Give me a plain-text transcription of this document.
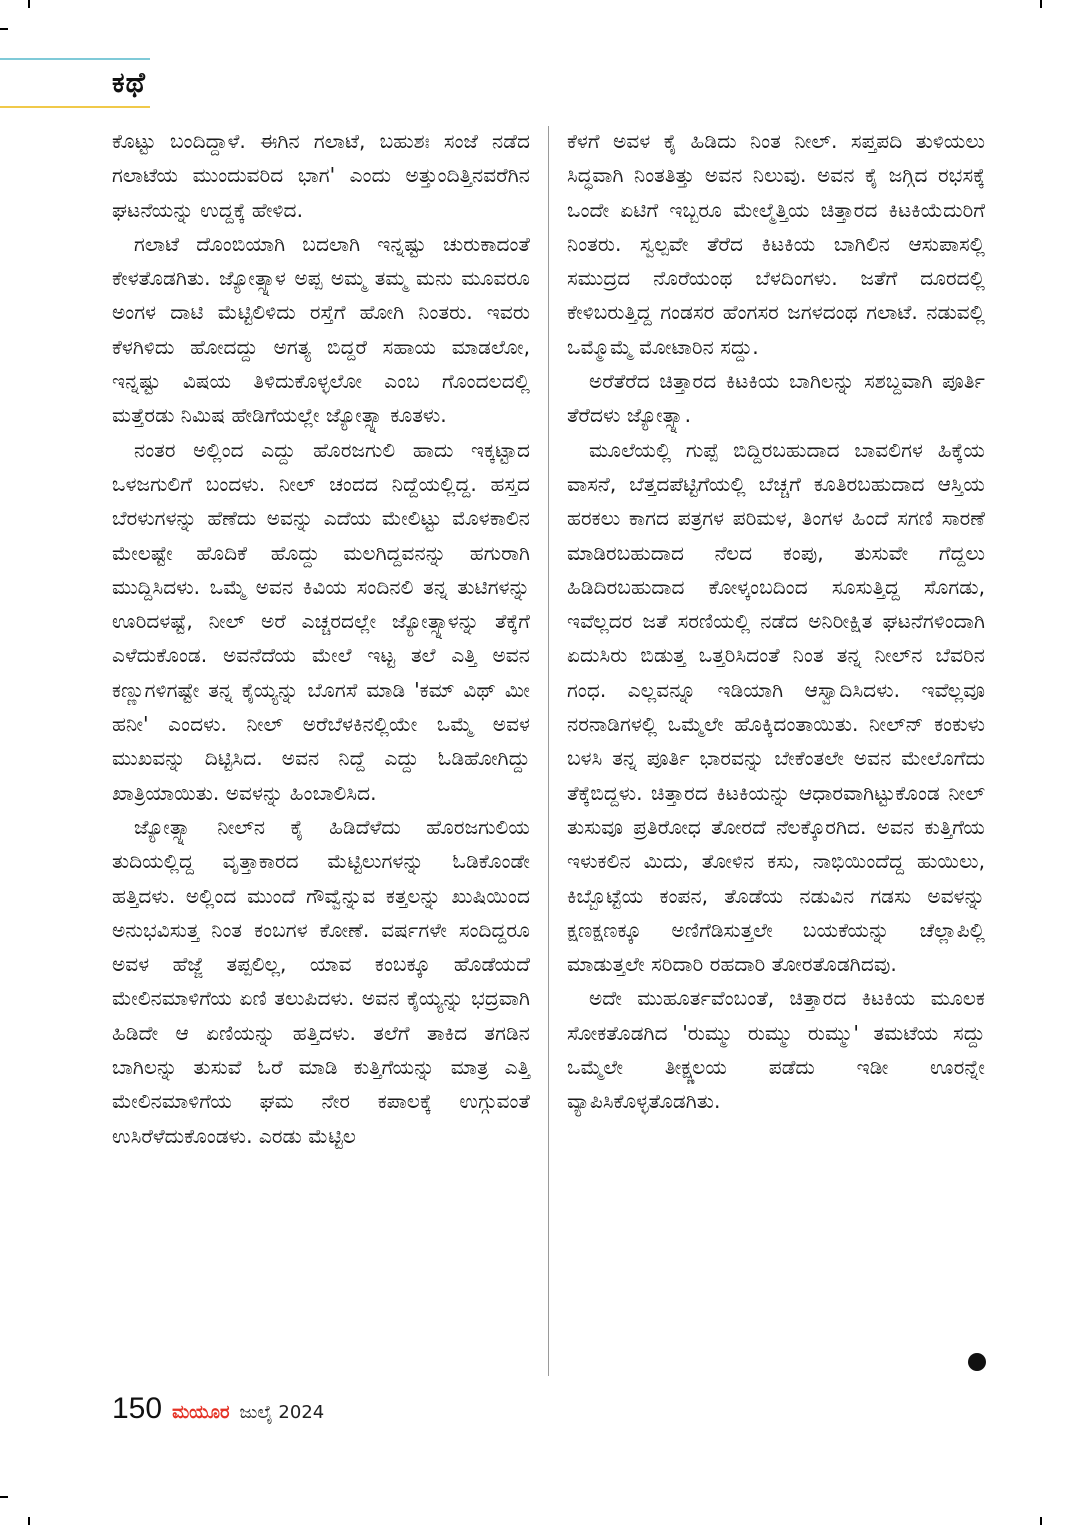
ಕಥೆ

ಕೊಟ್ಟು ಬಂದಿದ್ದಾಳೆ. ಈಗಿನ ಗಲಾಟೆ, ಬಹುಶಃ ಸಂಜೆ ನಡೆದ ಗಲಾಟೆಯ ಮುಂದುವರಿದ ಭಾಗ' ಎಂದು ಅತ್ತುಂದಿತ್ತಿನವರೆಗಿನ ಘಟನೆಯನ್ನು ಉದ್ದಕ್ಕೆ ಹೇಳಿದ.

ಗಲಾಟೆ ದೊಂಬಿಯಾಗಿ ಬದಲಾಗಿ ಇನ್ನಷ್ಟು ಚುರುಕಾದಂತೆ ಕೇಳತೊಡಗಿತು. ಜ್ಯೋತ್ಸ್ನಾಳ ಅಪ್ಪ ಅಮ್ಮ ತಮ್ಮ ಮನು ಮೂವರೂ ಅಂಗಳ ದಾಟಿ ಮೆಟ್ಟಿಲಿಳಿದು ರಸ್ತೆಗೆ ಹೋಗಿ ನಿಂತರು. ಇವರು ಕೆಳಗಿಳಿದು ಹೋದದ್ದು ಅಗತ್ಯ ಬಿದ್ದರೆ ಸಹಾಯ ಮಾಡಲೋ, ಇನ್ನಷ್ಟು ವಿಷಯ ತಿಳಿದುಕೊಳ್ಳಲೋ ಎಂಬ ಗೊಂದಲದಲ್ಲಿ ಮತ್ತೆರಡು ನಿಮಿಷ ಹೇಡಿಗೆಯಲ್ಲೇ ಜ್ಯೋತ್ಸ್ನಾ ಕೂತಳು.

ನಂತರ ಅಲ್ಲಿಂದ ಎದ್ದು ಹೊರಜಗುಲಿ ಹಾದು ಇಕ್ಕಟ್ಟಾದ ಒಳಜಗುಲಿಗೆ ಬಂದಳು. ನೀಲ್ ಚಂದದ ನಿದ್ದೆಯಲ್ಲಿದ್ದ. ಹಸ್ತದ ಬೆರಳುಗಳನ್ನು ಹೆಣೆದು ಅವನ್ನು ಎದೆಯ ಮೇಲಿಟ್ಟು ಮೊಳಕಾಲಿನ ಮೇಲಷ್ಟೇ ಹೊದಿಕೆ ಹೊದ್ದು ಮಲಗಿದ್ದವನನ್ನು ಹಗುರಾಗಿ ಮುದ್ದಿಸಿದಳು. ಒಮ್ಮೆ ಅವನ ಕಿವಿಯ ಸಂದಿನಲಿ ತನ್ನ ತುಟಿಗಳನ್ನು ಊರಿದಳಷ್ಟೆ, ನೀಲ್ ಅರೆ ಎಚ್ಚರದಲ್ಲೇ ಜ್ಯೋತ್ಸ್ನಾಳನ್ನು ತೆಕ್ಕೆಗೆ ಎಳೆದುಕೊಂಡ. ಅವನೆದೆಯ ಮೇಲೆ ಇಟ್ಟ ತಲೆ ಎತ್ತಿ ಅವನ ಕಣ್ಣುಗಳಿಗಷ್ಟೇ ತನ್ನ ಕೈಯ್ಯನ್ನು ಬೊಗಸೆ ಮಾಡಿ 'ಕಮ್ ವಿಥ್ ಮೀ ಹನೀ' ಎಂದಳು. ನೀಲ್ ಅರೆಬೆಳಕಿನಲ್ಲಿಯೇ ಒಮ್ಮೆ ಅವಳ ಮುಖವನ್ನು ದಿಟ್ಟಿಸಿದ. ಅವನ ನಿದ್ದೆ ಎದ್ದು ಓಡಿಹೋಗಿದ್ದು ಖಾತ್ರಿಯಾಯಿತು. ಅವಳನ್ನು ಹಿಂಬಾಲಿಸಿದ.

ಜ್ಯೋತ್ಸ್ನಾ ನೀಲ್‌ನ ಕೈ ಹಿಡಿದೆಳೆದು ಹೊರಜಗುಲಿಯ ತುದಿಯಲ್ಲಿದ್ದ ವೃತ್ತಾಕಾರದ ಮೆಟ್ಟಿಲುಗಳನ್ನು ಓಡಿಕೊಂಡೇ ಹತ್ತಿದಳು. ಅಲ್ಲಿಂದ ಮುಂದೆ ಗೌವ್ವೆನ್ನುವ ಕತ್ತಲನ್ನು ಖುಷಿಯಿಂದ ಅನುಭವಿಸುತ್ತ ನಿಂತ ಕಂಬಗಳ ಕೋಣೆ. ವರ್ಷಗಳೇ ಸಂದಿದ್ದರೂ ಅವಳ ಹೆಜ್ಜೆ ತಪ್ಪಲಿಲ್ಲ, ಯಾವ ಕಂಬಕ್ಕೂ ಹೊಡೆಯದೆ ಮೇಲಿನಮಾಳಿಗೆಯ ಏಣಿ ತಲುಪಿದಳು. ಅವನ ಕೈಯ್ಯನ್ನು ಭದ್ರವಾಗಿ ಹಿಡಿದೇ ಆ ಏಣಿಯನ್ನು ಹತ್ತಿದಳು. ತಲೆಗೆ ತಾಕಿದ ತಗಡಿನ ಬಾಗಿಲನ್ನು ತುಸುವೆ ಓರೆ ಮಾಡಿ ಕುತ್ತಿಗೆಯನ್ನು ಮಾತ್ರ ಎತ್ತಿ ಮೇಲಿನಮಾಳಿಗೆಯ ಘಮ ನೇರ ಕಪಾಲಕ್ಕೆ ಉಗ್ಗುವಂತೆ ಉಸಿರೆಳೆದುಕೊಂಡಳು. ಎರಡು ಮೆಟ್ಟಿಲ

ಕೆಳಗೆ ಅವಳ ಕೈ ಹಿಡಿದು ನಿಂತ ನೀಲ್. ಸಪ್ತಪದಿ ತುಳಿಯಲು ಸಿದ್ಧವಾಗಿ ನಿಂತತಿತ್ತು ಅವನ ನಿಲುವು. ಅವನ ಕೈ ಜಗ್ಗಿದ ರಭಸಕ್ಕೆ ಒಂದೇ ಏಟಿಗೆ ಇಬ್ಬರೂ ಮೇಲ್ಮೆತ್ತಿಯ ಚಿತ್ತಾರದ ಕಿಟಕಿಯೆದುರಿಗೆ ನಿಂತರು. ಸ್ವಲ್ಪವೇ ತೆರೆದ ಕಿಟಕಿಯ ಬಾಗಿಲಿನ ಆಸುಪಾಸಲ್ಲಿ ಸಮುದ್ರದ ನೊರೆಯಂಥ ಬೆಳದಿಂಗಳು. ಜತೆಗೆ ದೂರದಲ್ಲಿ ಕೇಳಿಬರುತ್ತಿದ್ದ ಗಂಡಸರ ಹೆಂಗಸರ ಜಗಳದಂಥ ಗಲಾಟೆ. ನಡುವಲ್ಲಿ ಒಮ್ಮೊಮ್ಮೆ ಮೋಟಾರಿನ ಸದ್ದು.

ಅರೆತೆರೆದ ಚಿತ್ತಾರದ ಕಿಟಕಿಯ ಬಾಗಿಲನ್ನು ಸಶಬ್ದವಾಗಿ ಪೂರ್ತಿ ತೆರೆದಳು ಜ್ಯೋತ್ಸ್ನಾ.

ಮೂಲೆಯಲ್ಲಿ ಗುಪ್ಪೆ ಬಿದ್ದಿರಬಹುದಾದ ಬಾವಲಿಗಳ ಹಿಕ್ಕೆಯ ವಾಸನೆ, ಬೆತ್ತದಪೆಟ್ಟಿಗೆಯಲ್ಲಿ ಬೆಚ್ಚಗೆ ಕೂತಿರಬಹುದಾದ ಆಸ್ತಿಯ ಹರಕಲು ಕಾಗದ ಪತ್ರಗಳ ಪರಿಮಳ, ತಿಂಗಳ ಹಿಂದೆ ಸಗಣಿ ಸಾರಣೆ ಮಾಡಿರಬಹುದಾದ ನೆಲದ ಕಂಪು, ತುಸುವೇ ಗೆದ್ದಲು ಹಿಡಿದಿರಬಹುದಾದ ಕೋಳ್ಕಂಬದಿಂದ ಸೂಸುತ್ತಿದ್ದ ಸೊಗಡು, ಇವೆಲ್ಲದರ ಜತೆ ಸರಣಿಯಲ್ಲಿ ನಡೆದ ಅನಿರೀಕ್ಷಿತ ಘಟನೆಗಳಿಂದಾಗಿ ಏದುಸಿರು ಬಿಡುತ್ತ ಒತ್ತರಿಸಿದಂತೆ ನಿಂತ ತನ್ನ ನೀಲ್‌ನ ಬೆವರಿನ ಗಂಧ. ಎಲ್ಲವನ್ನೂ ಇಡಿಯಾಗಿ ಆಸ್ವಾದಿಸಿದಳು. ಇವೆಲ್ಲವೂ ನರನಾಡಿಗಳಲ್ಲಿ ಒಮ್ಮೆಲೇ ಹೊಕ್ಕಿದಂತಾಯಿತು. ನೀಲ್‌ನ್ ಕಂಕುಳು ಬಳಸಿ ತನ್ನ ಪೂರ್ತಿ ಭಾರವನ್ನು ಬೇಕೆಂತಲೇ ಅವನ ಮೇಲೊಗೆದು ತೆಕ್ಕೆಬಿದ್ದಳು. ಚಿತ್ತಾರದ ಕಿಟಕಿಯನ್ನು ಆಧಾರವಾಗಿಟ್ಟುಕೊಂಡ ನೀಲ್ ತುಸುವೂ ಪ್ರತಿರೋಧ ತೋರದೆ ನೆಲಕ್ಕೊರಗಿದ. ಅವನ ಕುತ್ತಿಗೆಯ ಇಳುಕಲಿನ ಮಿದು, ತೋಳಿನ ಕಸು, ನಾಭಿಯಿಂದೆದ್ದ ಹುಯಿಲು, ಕಿಬ್ಬೊಟ್ಟೆಯ ಕಂಪನ, ತೊಡೆಯ ನಡುವಿನ ಗಡಸು ಅವಳನ್ನು ಕ್ಷಣಕ್ಷಣಕ್ಕೂ ಅಣಿಗೆಡಿಸುತ್ತಲೇ ಬಯಕೆಯನ್ನು ಚೆಲ್ಲಾಪಿಲ್ಲಿ ಮಾಡುತ್ತಲೇ ಸರಿದಾರಿ ರಹದಾರಿ ತೋರತೊಡಗಿದವು.

ಅದೇ ಮುಹೂರ್ತವೆಂಬಂತೆ, ಚಿತ್ತಾರದ ಕಿಟಕಿಯ ಮೂಲಕ ಸೋಕತೊಡಗಿದ 'ರುಮ್ಮು ರುಮ್ಮು ರುಮ್ಮು' ತಮಟೆಯ ಸದ್ದು ಒಮ್ಮೆಲೇ ತೀಕ್ಷ್ಣಲಯ ಪಡೆದು ಇಡೀ ಊರನ್ನೇ ವ್ಯಾಪಿಸಿಕೊಳ್ಳತೊಡಗಿತು.

150 ಮಯೂರ ಜುಲೈ 2024
